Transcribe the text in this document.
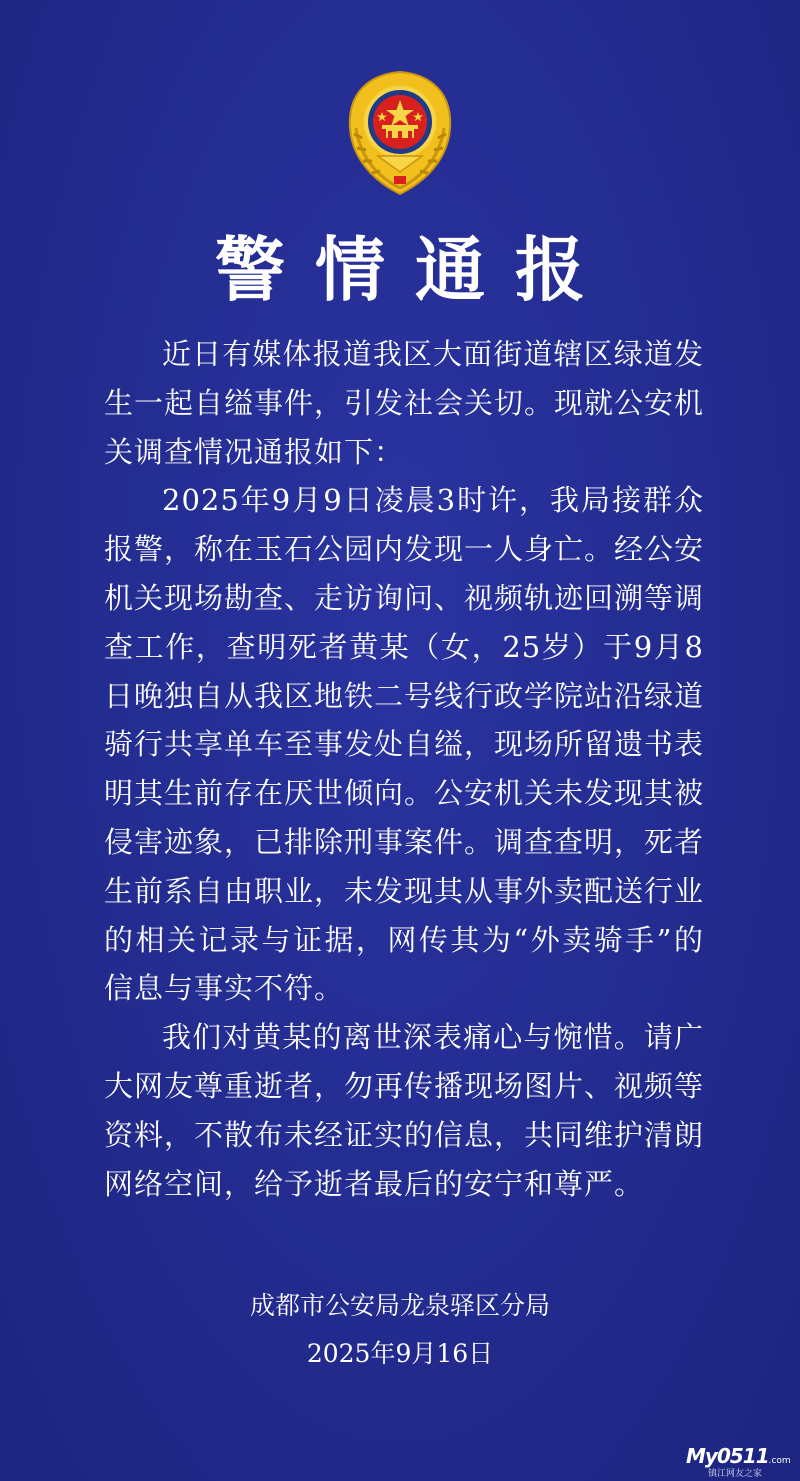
警情通报

近日有媒体报道我区大面街道辖区绿道发生一起自缢事件，引发社会关切。现就公安机关调查情况通报如下：

2025年9月9日凌晨3时许，我局接群众报警，称在玉石公园内发现一人身亡。经公安机关现场勘查、走访询问、视频轨迹回溯等调查工作，查明死者黄某（女，25岁）于9月8日晚独自从我区地铁二号线行政学院站沿绿道骑行共享单车至事发处自缢，现场所留遗书表明其生前存在厌世倾向。公安机关未发现其被侵害迹象，已排除刑事案件。调查查明，死者生前系自由职业，未发现其从事外卖配送行业的相关记录与证据，网传其为“外卖骑手”的信息与事实不符。

我们对黄某的离世深表痛心与惋惜。请广大网友尊重逝者，勿再传播现场图片、视频等资料，不散布未经证实的信息，共同维护清朗网络空间，给予逝者最后的安宁和尊严。

成都市公安局龙泉驿区分局
2025年9月16日
My0511.com
镇江网友之家
